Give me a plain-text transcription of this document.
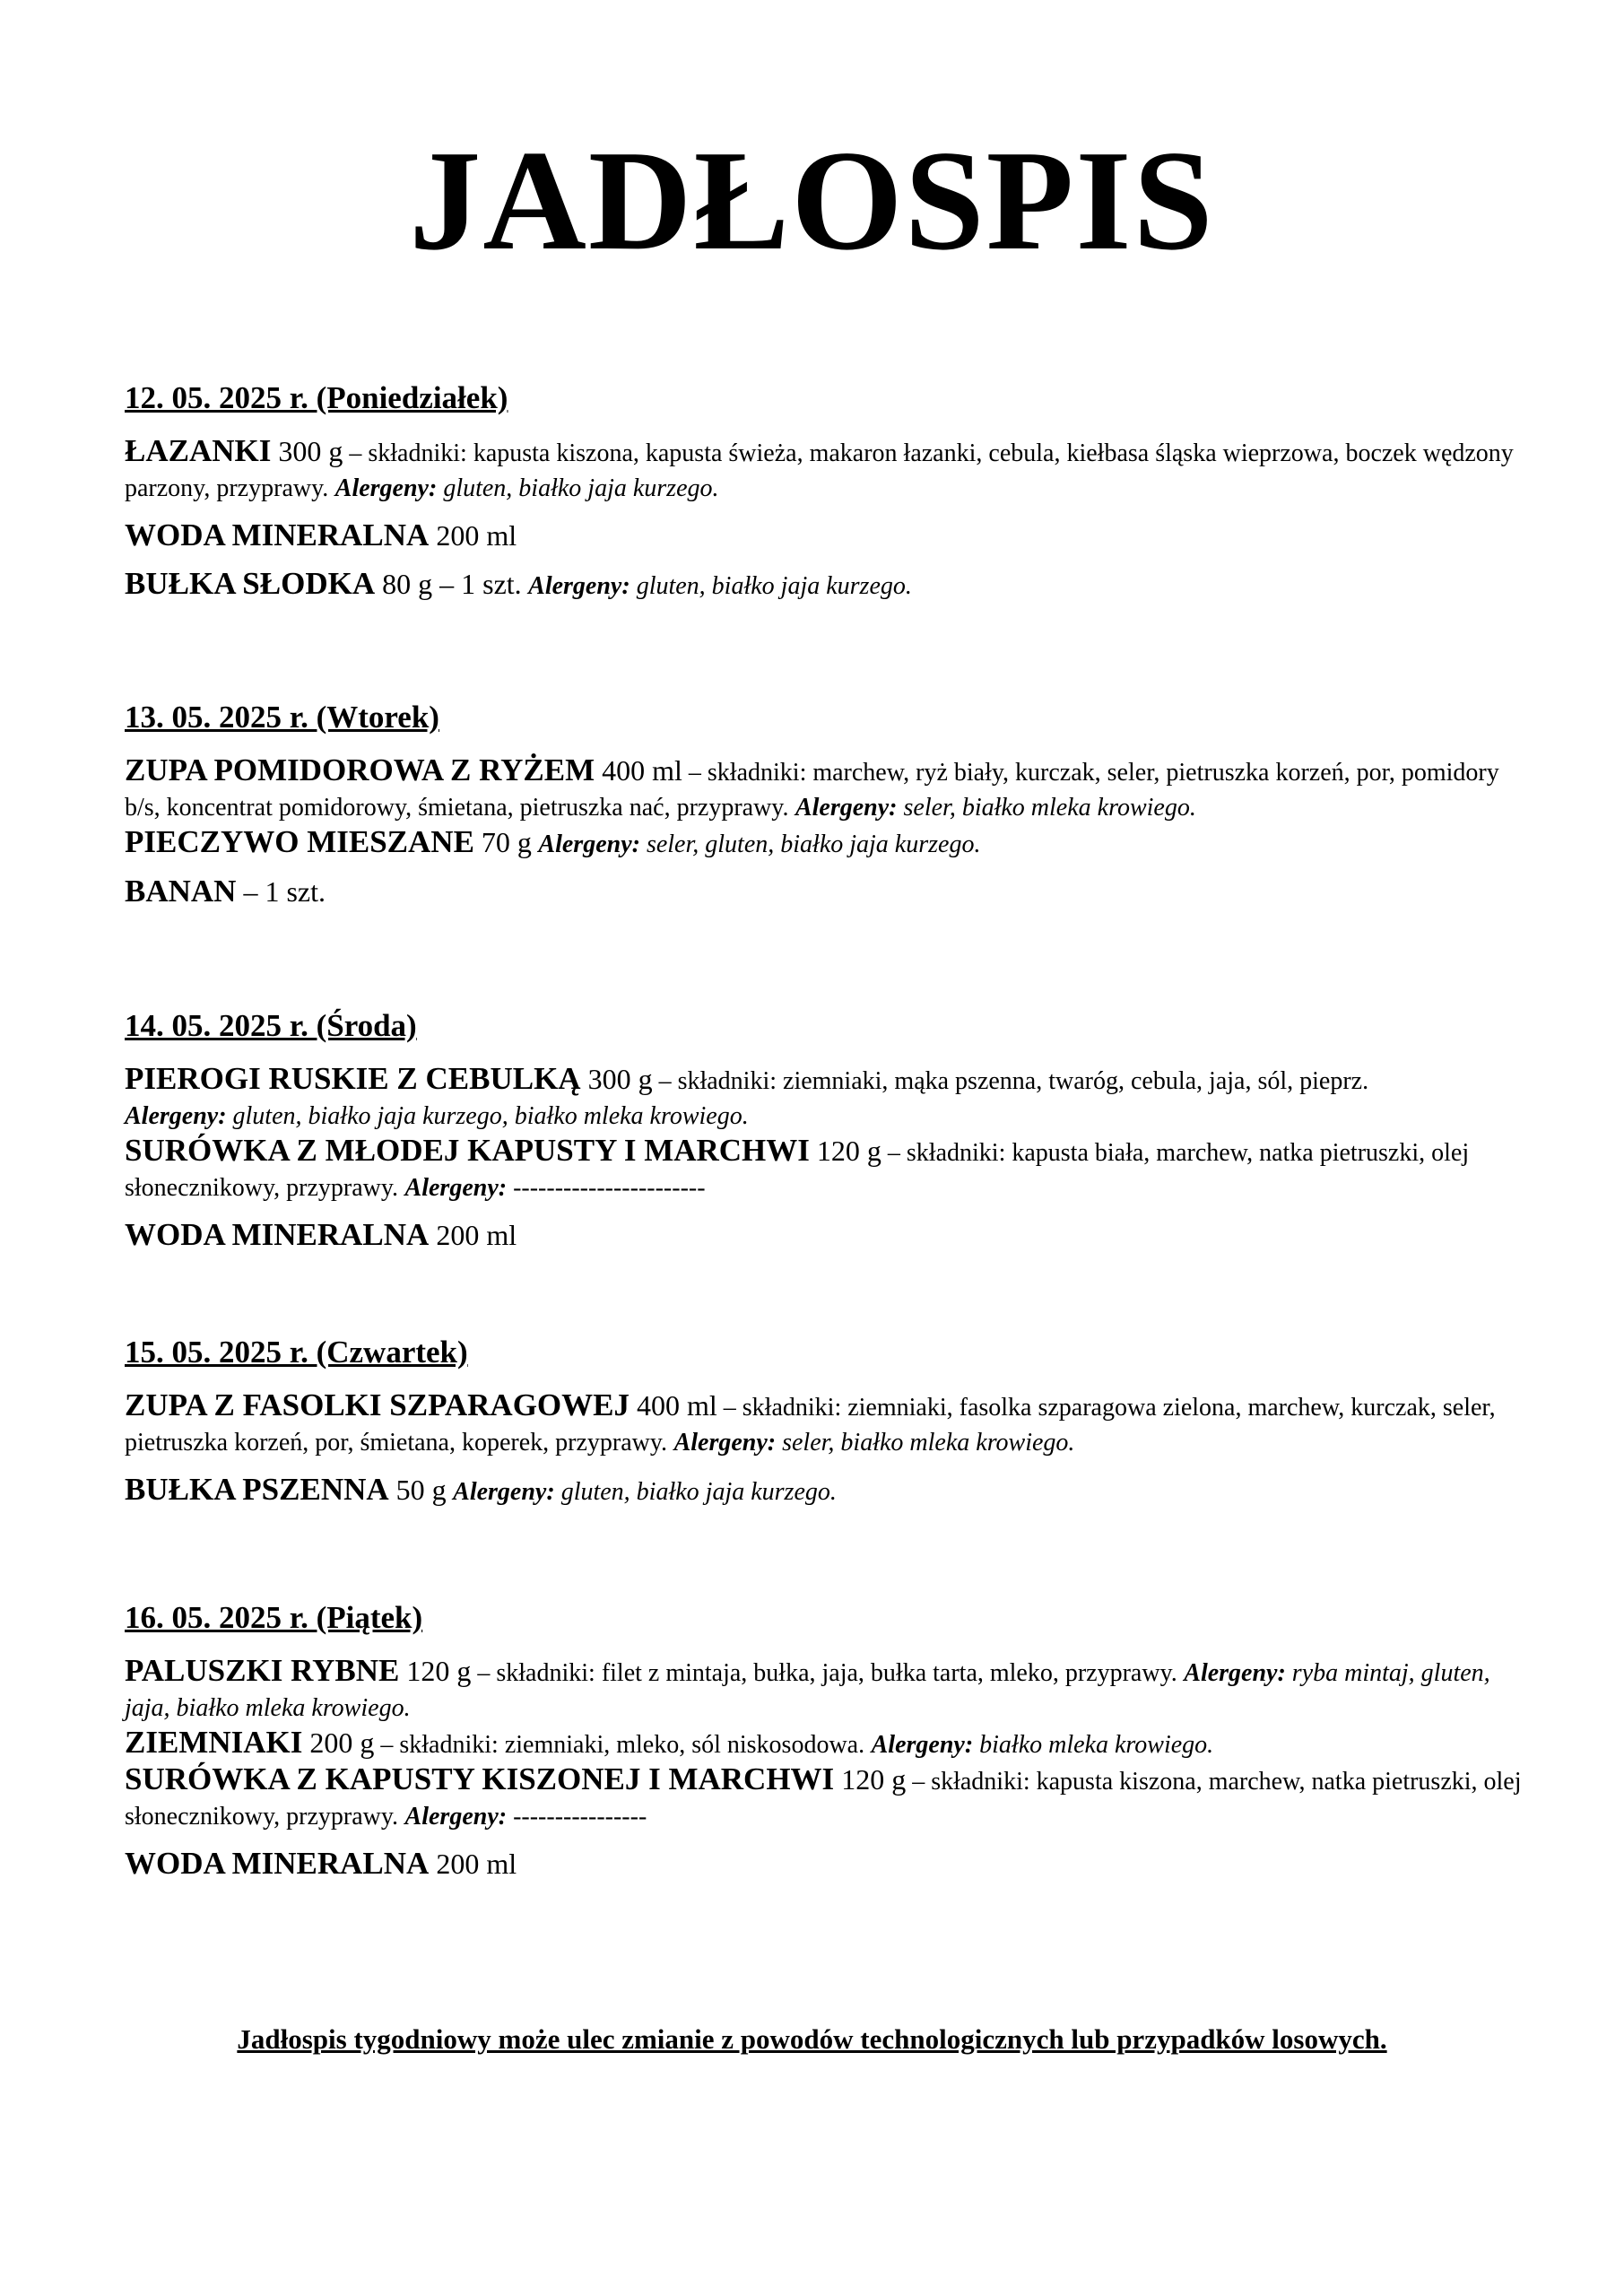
JADŁOSPIS

12. 05. 2025 r. (Poniedziałek)

ŁAZANKI 300 g – składniki: kapusta kiszona, kapusta świeża, makaron łazanki, cebula, kiełbasa śląska wieprzowa, boczek wędzony parzony, przyprawy. Alergeny: gluten, białko jaja kurzego.

WODA MINERALNA 200 ml

BUŁKA SŁODKA 80 g – 1 szt. Alergeny: gluten, białko jaja kurzego.

13. 05. 2025 r. (Wtorek)

ZUPA POMIDOROWA Z RYŻEM 400 ml – składniki: marchew, ryż biały, kurczak, seler, pietruszka korzeń, por, pomidory b/s, koncentrat pomidorowy, śmietana, pietruszka nać, przyprawy. Alergeny: seler, białko mleka krowiego.

PIECZYWO MIESZANE 70 g Alergeny: seler, gluten, białko jaja kurzego.

BANAN – 1 szt.

14. 05. 2025 r. (Środa)

PIEROGI RUSKIE Z CEBULKĄ 300 g – składniki: ziemniaki, mąka pszenna, twaróg, cebula, jaja, sól, pieprz.
Alergeny: gluten, białko jaja kurzego, białko mleka krowiego.

SURÓWKA Z MŁODEJ KAPUSTY I MARCHWI 120 g – składniki: kapusta biała, marchew, natka pietruszki, olej słonecznikowy, przyprawy. Alergeny: -----------------------

WODA MINERALNA 200 ml

15. 05. 2025 r. (Czwartek)

ZUPA Z FASOLKI SZPARAGOWEJ 400 ml – składniki: ziemniaki, fasolka szparagowa zielona, marchew, kurczak, seler, pietruszka korzeń, por, śmietana, koperek, przyprawy. Alergeny: seler, białko mleka krowiego.

BUŁKA PSZENNA 50 g Alergeny: gluten, białko jaja kurzego.

16. 05. 2025 r. (Piątek)

PALUSZKI RYBNE 120 g – składniki: filet z mintaja, bułka, jaja, bułka tarta, mleko, przyprawy. Alergeny: ryba mintaj, gluten, jaja, białko mleka krowiego.

ZIEMNIAKI 200 g – składniki: ziemniaki, mleko, sól niskosodowa. Alergeny: białko mleka krowiego.

SURÓWKA Z KAPUSTY KISZONEJ I MARCHWI 120 g – składniki: kapusta kiszona, marchew, natka pietruszki, olej słonecznikowy, przyprawy. Alergeny: ----------------

WODA MINERALNA 200 ml

Jadłospis tygodniowy może ulec zmianie z powodów technologicznych lub przypadków losowych.
